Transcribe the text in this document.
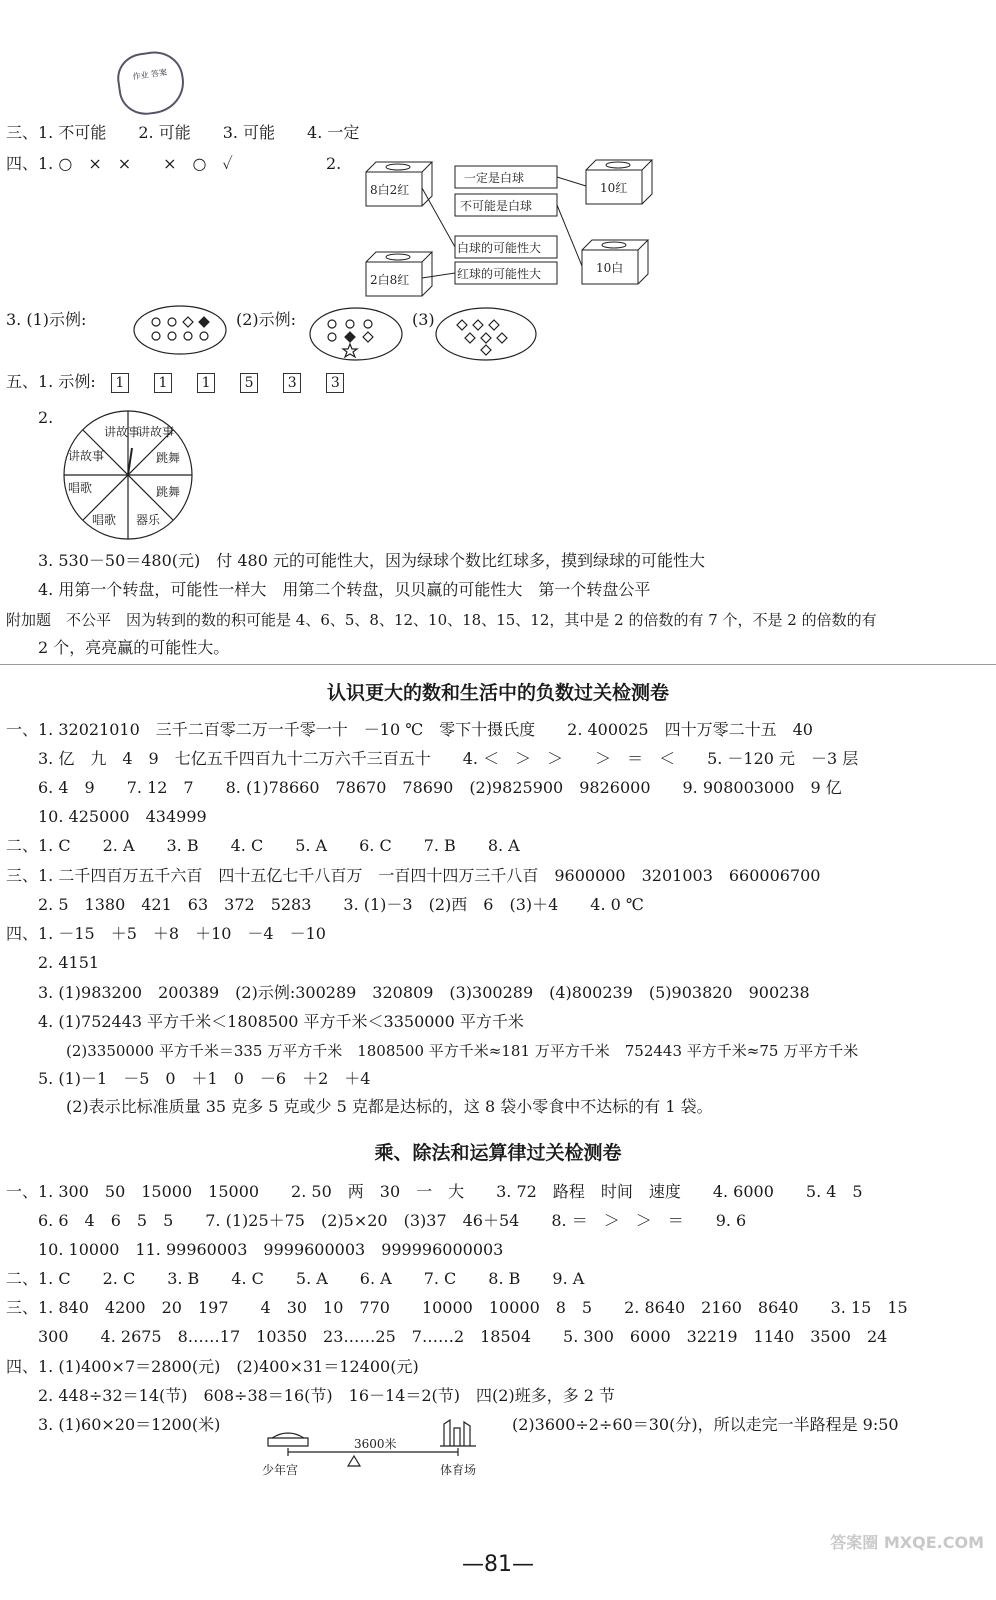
作业 答案
三、1. 不可能　　2. 可能　　3. 可能　　4. 一定
四、1. ○　×　×　　×　○　✓	2.
8白2红
2白8红
一定是白球
不可能是白球
白球的可能性大
红球的可能性大
10红
10白
3. (1)示例:	(2)示例:	(3)
五、1. 示例: 1 1 1 5 3 3
2.
讲故事
讲故事
跳舞
跳舞
器乐
唱歌
唱歌
讲故事
3. 530－50＝480(元)　付 480 元的可能性大，因为绿球个数比红球多，摸到绿球的可能性大
4. 用第一个转盘，可能性一样大　用第二个转盘，贝贝赢的可能性大　第一个转盘公平
附加题　不公平　因为转到的数的积可能是 4、6、5、8、12、10、18、15、12，其中是 2 的倍数的有 7 个，不是 2 的倍数的有
2 个，亮亮赢的可能性大。
认识更大的数和生活中的负数过关检测卷
一、1. 32021010　三千二百零二万一千零一十　－10 ℃　零下十摄氏度　　2. 400025　四十万零二十五　40
3. 亿　九　4　9　七亿五千四百九十二万六千三百五十　　4. ＜　＞　＞　　＞　＝　＜　　5. －120 元　－3 层
6. 4　9　　7. 12　7　　8. (1)78660　78670　78690　(2)9825900　9826000　　9. 908003000　9 亿
10. 425000　434999
二、1. C　　2. A　　3. B　　4. C　　5. A　　6. C　　7. B　　8. A
三、1. 二千四百万五千六百　四十五亿七千八百万　一百四十四万三千八百　9600000　3201003　660006700
2. 5　1380　421　63　372　5283　　3. (1)－3　(2)西　6　(3)＋4　　4. 0 ℃
四、1. －15　＋5　＋8　＋10　－4　－10
2. 4151
3. (1)983200　200389　(2)示例:300289　320809　(3)300289　(4)800239　(5)903820　900238
4. (1)752443 平方千米＜1808500 平方千米＜3350000 平方千米
(2)3350000 平方千米＝335 万平方千米　1808500 平方千米≈181 万平方千米　752443 平方千米≈75 万平方千米
5. (1)－1　－5　0　＋1　0　－6　＋2　＋4
(2)表示比标准质量 35 克多 5 克或少 5 克都是达标的，这 8 袋小零食中不达标的有 1 袋。
乘、除法和运算律过关检测卷
一、1. 300　50　15000　15000　　2. 50　两　30　一　大　　3. 72　路程　时间　速度　　4. 6000　　5. 4　5
6. 6　4　6　5　5　　7. (1)25＋75　(2)5×20　(3)37　46＋54　　8. ＝　＞　＞　＝　　9. 6
10. 10000　11. 99960003　9999600003　999996000003
二、1. C　　2. C　　3. B　　4. C　　5. A　　6. A　　7. C　　8. B　　9. A
三、1. 840　4200　20　197　　4　30　10　770　　10000　10000　8　5　　2. 8640　2160　8640　　3. 15　15
300　　4. 2675　8……17　10350　23……25　7……2　18504　　5. 300　6000　32219　1140　3500　24
四、1. (1)400×7＝2800(元)　(2)400×31＝12400(元)
2. 448÷32＝14(节)　608÷38＝16(节)　16－14＝2(节)　四(2)班多，多 2 节
3. (1)60×20＝1200(米)	(2)3600÷2÷60＝30(分)，所以走完一半路程是 9:50
3600米
少年宫	体育场
—81—
答案圈 MXQE.COM
